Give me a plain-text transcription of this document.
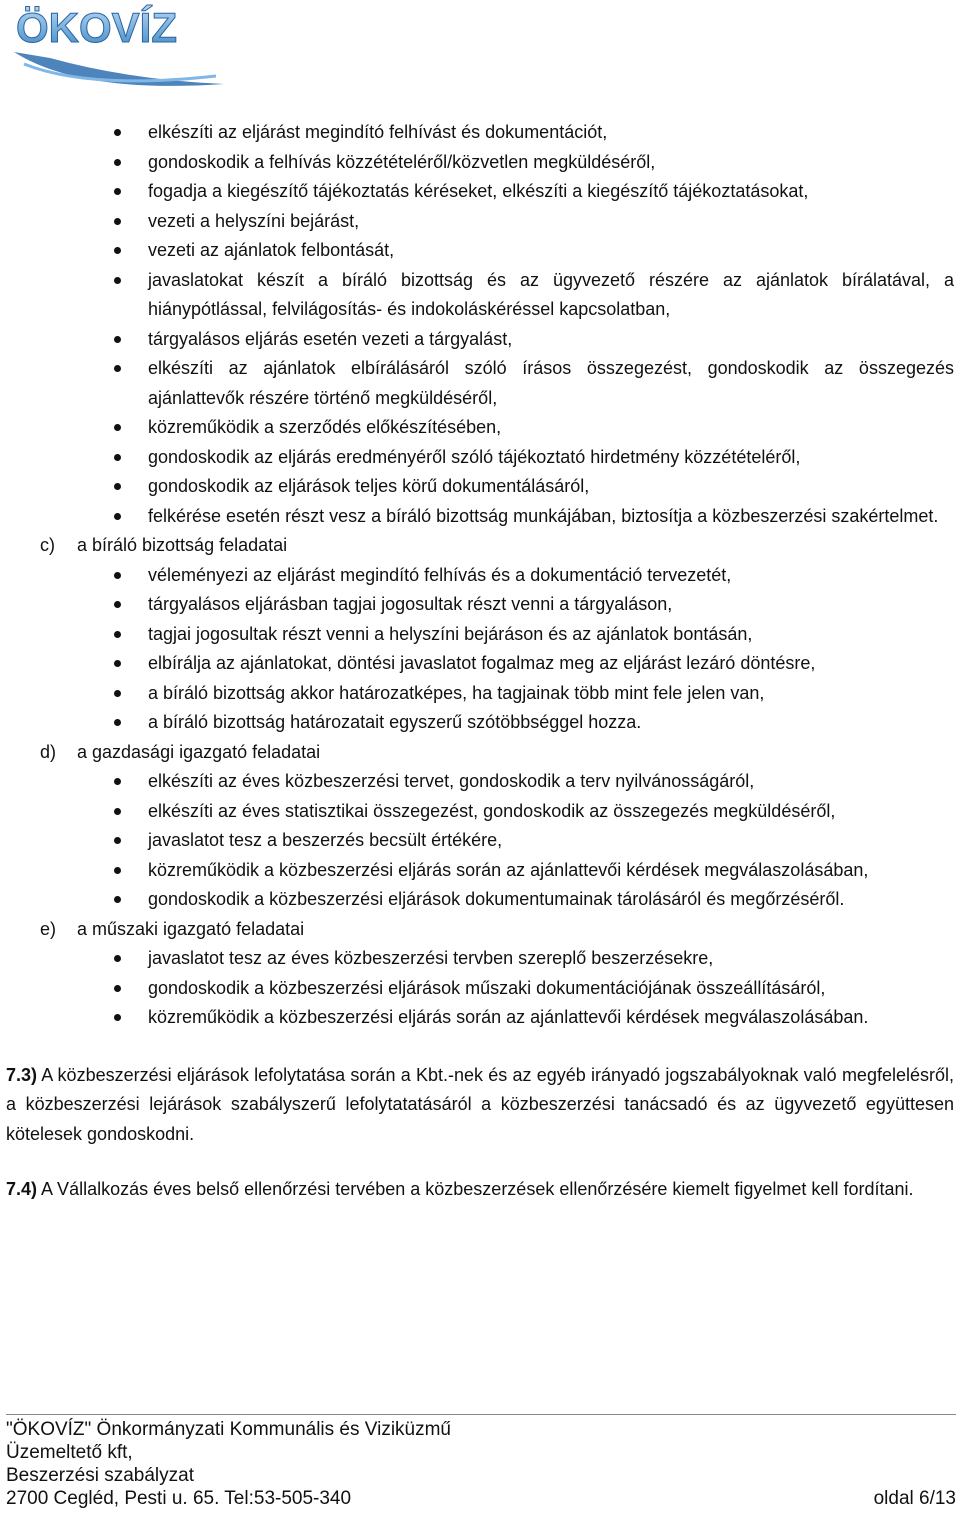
ÖKOVÍZ
elkészíti az eljárást megindító felhívást és dokumentációt,
gondoskodik a felhívás közzétételéről/közvetlen megküldéséről,
fogadja a kiegészítő tájékoztatás kéréseket, elkészíti a kiegészítő tájékoztatásokat,
vezeti a helyszíni bejárást,
vezeti az ajánlatok felbontását,
javaslatokat készít a bíráló bizottság és az ügyvezető részére az ajánlatok bírálatával, a hiánypótlással, felvilágosítás- és indokoláskéréssel kapcsolatban,
tárgyalásos eljárás esetén vezeti a tárgyalást,
elkészíti az ajánlatok elbírálásáról szóló írásos összegezést, gondoskodik az összegezés ajánlattevők részére történő megküldéséről,
közreműködik a szerződés előkészítésében,
gondoskodik az eljárás eredményéről szóló tájékoztató hirdetmény közzétételéről,
gondoskodik az eljárások teljes körű dokumentálásáról,
felkérése esetén részt vesz a bíráló bizottság munkájában, biztosítja a közbeszerzési szakértelmet.
c) a bíráló bizottság feladatai
véleményezi az eljárást megindító felhívás és a dokumentáció tervezetét,
tárgyalásos eljárásban tagjai jogosultak részt venni a tárgyaláson,
tagjai jogosultak részt venni a helyszíni bejáráson és az ajánlatok bontásán,
elbírálja az ajánlatokat, döntési javaslatot fogalmaz meg az eljárást lezáró döntésre,
a bíráló bizottság akkor határozatképes, ha tagjainak több mint fele jelen van,
a bíráló bizottság határozatait egyszerű szótöbbséggel hozza.
d) a gazdasági igazgató feladatai
elkészíti az éves közbeszerzési tervet, gondoskodik a terv nyilvánosságáról,
elkészíti az éves statisztikai összegezést, gondoskodik az összegezés megküldéséről,
javaslatot tesz a beszerzés becsült értékére,
közreműködik a közbeszerzési eljárás során az ajánlattevői kérdések megválaszolásában,
gondoskodik a közbeszerzési eljárások dokumentumainak tárolásáról és megőrzéséről.
e) a műszaki igazgató feladatai
javaslatot tesz az éves közbeszerzési tervben szereplő beszerzésekre,
gondoskodik a közbeszerzési eljárások műszaki dokumentációjának összeállításáról,
közreműködik a közbeszerzési eljárás során az ajánlattevői kérdések megválaszolásában.

7.3) A közbeszerzési eljárások lefolytatása során a Kbt.-nek és az egyéb irányadó jogszabályoknak való megfelelésről, a közbeszerzési lejárások szabályszerű lefolytatatásáról a közbeszerzési tanácsadó és az ügyvezető együttesen kötelesek gondoskodni.

7.4) A Vállalkozás éves belső ellenőrzési tervében a közbeszerzések ellenőrzésére kiemelt figyelmet kell fordítani.

"ÖKOVÍZ" Önkormányzati Kommunális és Viziküzmű
Üzemeltető kft,
Beszerzési szabályzat
2700 Cegléd, Pesti u. 65. Tel:53-505-340	oldal 6/13
